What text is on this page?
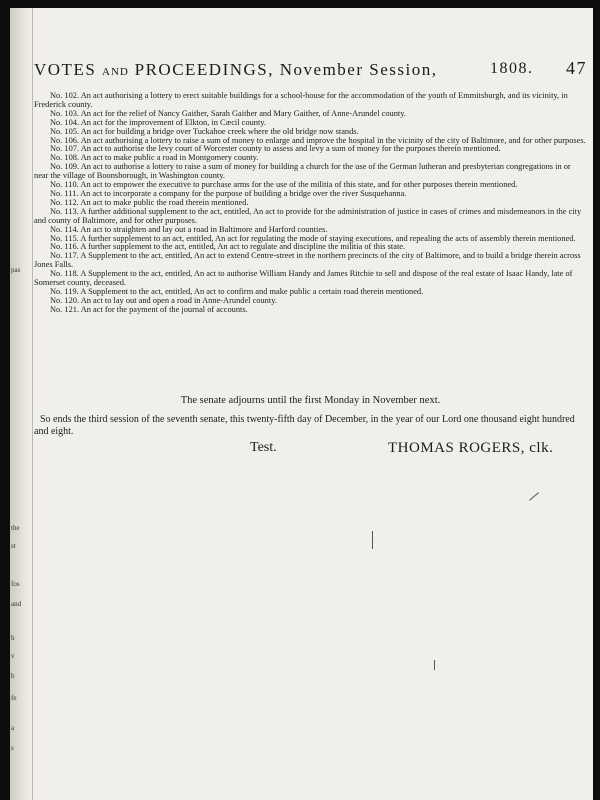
pas
the
st
fos
and
h
v
b
fe
a
s
VOTES AND PROCEEDINGS, November Session,	1808. 47
No. 102. An act authorising a lottery to erect suitable buildings for a school-house for the accommodation of the youth of Emmitsburgh, and its vicinity, in Frederick county.
No. 103. An act for the relief of Nancy Gaither, Sarah Gaither and Mary Gaither, of Anne-Arundel county.
No. 104. An act for the improvement of Elkton, in Cæcil county.
No. 105. An act for building a bridge over Tuckahoe creek where the old bridge now stands.
No. 106. An act authorising a lottery to raise a sum of money to enlarge and improve the hospital in the vicinity of the city of Baltimore, and for other purposes.
No. 107. An act to authorise the levy court of Worcester county to assess and levy a sum of money for the purposes therein mentioned.
No. 108. An act to make public a road in Montgomery county.
No. 109. An act to authorise a lottery to raise a sum of money for building a church for the use of the German lutheran and presbyterian congregations in or near the village of Boonsborough, in Washington county.
No. 110. An act to empower the executive to purchase arms for the use of the militia of this state, and for other purposes therein mentioned.
No. 111. An act to incorporate a company for the purpose of building a bridge over the river Susquehanna.
No. 112. An act to make public the road therein mentioned.
No. 113. A further additional supplement to the act, entitled, An act to provide for the administration of justice in cases of crimes and misdemeanors in the city and county of Baltimore, and for other purposes.
No. 114. An act to straighten and lay out a road in Baltimore and Harford counties.
No. 115. A further supplement to an act, entitled, An act for regulating the mode of staying executions, and repealing the acts of assembly therein mentioned.
No. 116. A further supplement to the act, entitled, An act to regulate and discipline the militia of this state.
No. 117. A Supplement to the act, entitled, An act to extend Centre-street in the northern precincts of the city of Baltimore, and to build a bridge therein across Jones Falls.
No. 118. A Supplement to the act, entitled, An act to authorise William Handy and James Ritchie to sell and dispose of the real estate of Isaac Handy, late of Somerset county, deceased.
No. 119. A Supplement to the act, entitled, An act to confirm and make public a certain road therein mentioned.
No. 120. An act to lay out and open a road in Anne-Arundel county.
No. 121. An act for the payment of the journal of accounts.
The senate adjourns until the first Monday in November next.
So ends the third session of the seventh senate, this twenty-fifth day of December, in the year of our Lord one thousand eight hundred and eight.
Test.	THOMAS ROGERS, clk.
